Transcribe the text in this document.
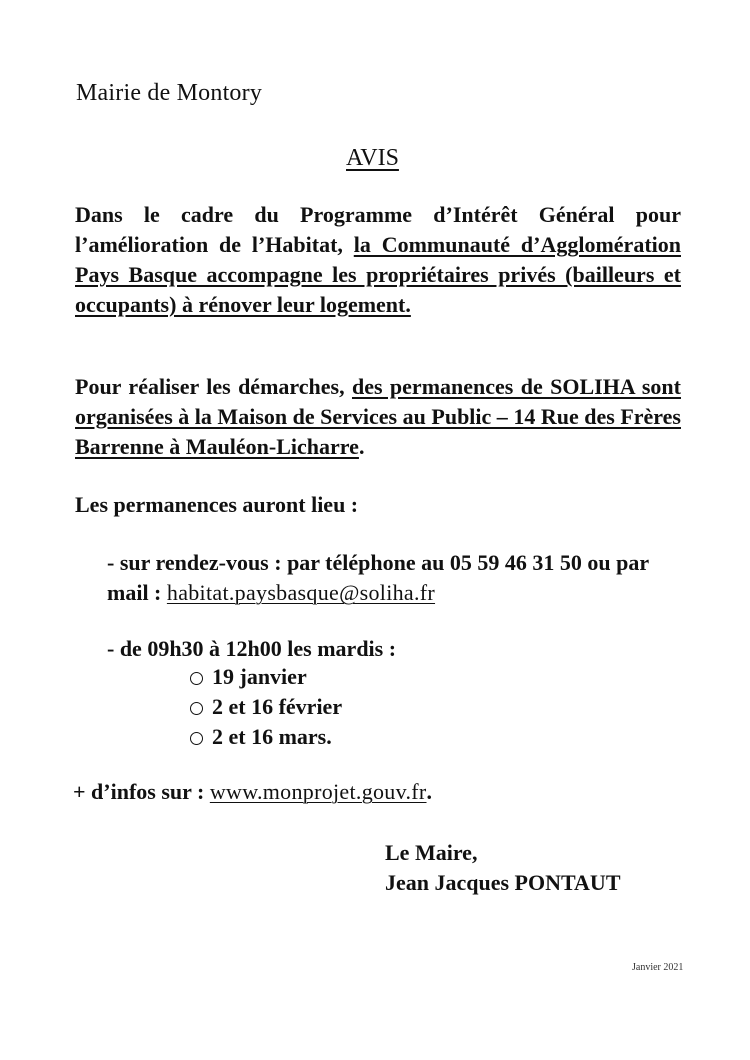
Mairie de Montory
AVIS
Dans le cadre du Programme d’Intérêt Général pour l’amélioration de l’Habitat, la Communauté d’Agglomération Pays Basque accompagne les propriétaires privés (bailleurs et occupants) à rénover leur logement.
Pour réaliser les démarches, des permanences de SOLIHA sont organisées à la Maison de Services au Public – 14 Rue des Frères Barrenne à Mauléon-Licharre.
Les permanences auront lieu :
- sur rendez-vous : par téléphone au 05 59 46 31 50 ou par mail : habitat.paysbasque@soliha.fr
- de 09h30 à 12h00 les mardis :
19 janvier
2 et 16 février
2 et 16 mars.
+ d’infos sur : www.monprojet.gouv.fr.
Le Maire,
Jean Jacques PONTAUT
Janvier 2021
